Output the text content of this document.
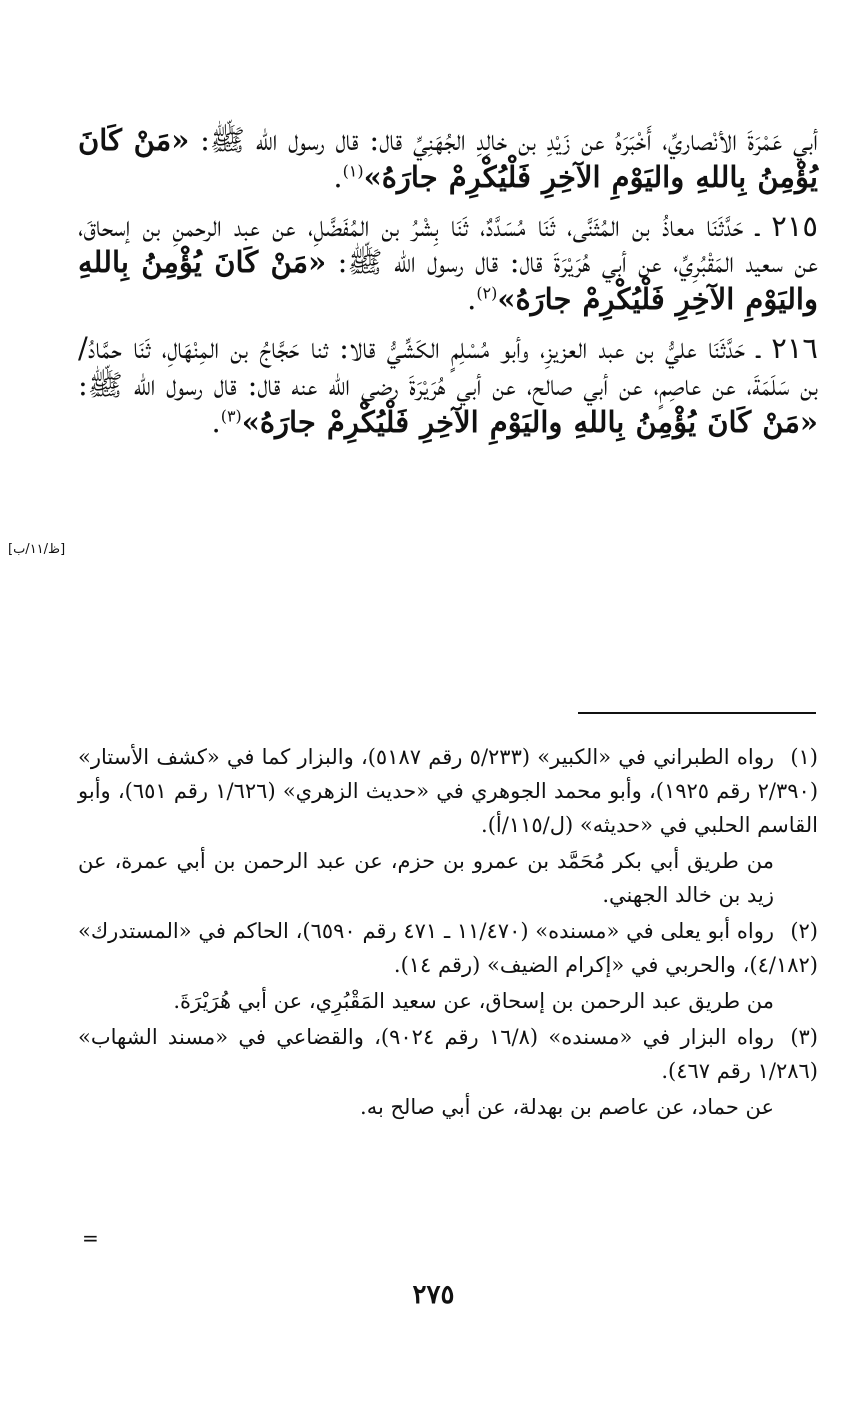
أبي عَمْرَةَ الأنْصاريِّ، أَخْبَرَهُ عن زَيْدِ بن خالِدِ الجُهَنِيِّ قال: قال رسول الله ﷺ: «مَنْ كَانَ يُؤْمِنُ بِاللهِ واليَوْمِ الآخِرِ فَلْيُكْرِمْ جارَهُ»$^{(١)}$.

٢١٥ ـ حَدَّثَنَا معاذُ بن المُثَنَّى، ثَنَا مُسَدَّدٌ، ثَنَا بِشْرُ بن المُفَضَّلِ، عن عبد الرحمنِ بن إسحاقَ، عن سعيد المَقْبُرِيِّ، عن أبي هُرَيْرَةَ قال: قال رسول الله ﷺ: «مَنْ كَانَ يُؤْمِنُ بِاللهِ واليَوْمِ الآخِرِ فَلْيُكْرِمْ جارَهُ»$^{(٢)}$.

٢١٦ ـ حَدَّثَنَا عليُّ بن عبد العزيزِ، وأبو مُسْلِمٍ الكَشِّيُّ قالا: ثنا حَجَّاجُ بن المِنْهَالِ، ثَنَا حمَّادُ/بن سَلَمَةَ، عن عاصِمٍ، عن أبي صالح، عن أبي هُرَيْرَةَ رضي الله عنه قال: قال رسول الله ﷺ: «مَنْ كَانَ يُؤْمِنُ بِاللهِ واليَوْمِ الآخِرِ فَلْيُكْرِمْ جارَهُ»$^{(٣)}$.

[ظ/١١/ب]
(١)رواه الطبراني في «الكبير» (٥/٢٣٣ رقم ٥١٨٧)، والبزار كما في «كشف الأستار» (٢/٣٩٠ رقم ١٩٢٥)، وأبو محمد الجوهري في «حديث الزهري» (١/٦٢٦ رقم ٦٥١)، وأبو القاسم الحلبي في «حديثه» (ل/١١٥/أ).
من طريق أبي بكر مُحَمَّد بن عمرو بن حزم، عن عبد الرحمن بن أبي عمرة، عن زيد بن خالد الجهني.
(٢)رواه أبو يعلى في «مسنده» (١١/٤٧٠ ـ ٤٧١ رقم ٦٥٩٠)، الحاكم في «المستدرك» (٤/١٨٢)، والحربي في «إكرام الضيف» (رقم ١٤).
من طريق عبد الرحمن بن إسحاق، عن سعيد المَقْبُرِي، عن أبي هُرَيْرَةَ.
(٣)رواه البزار في «مسنده» (١٦/٨ رقم ٩٠٢٤)، والقضاعي في «مسند الشهاب» (١/٢٨٦ رقم ٤٦٧).
عن حماد، عن عاصم بن بهدلة، عن أبي صالح به.
=
٢٧٥
